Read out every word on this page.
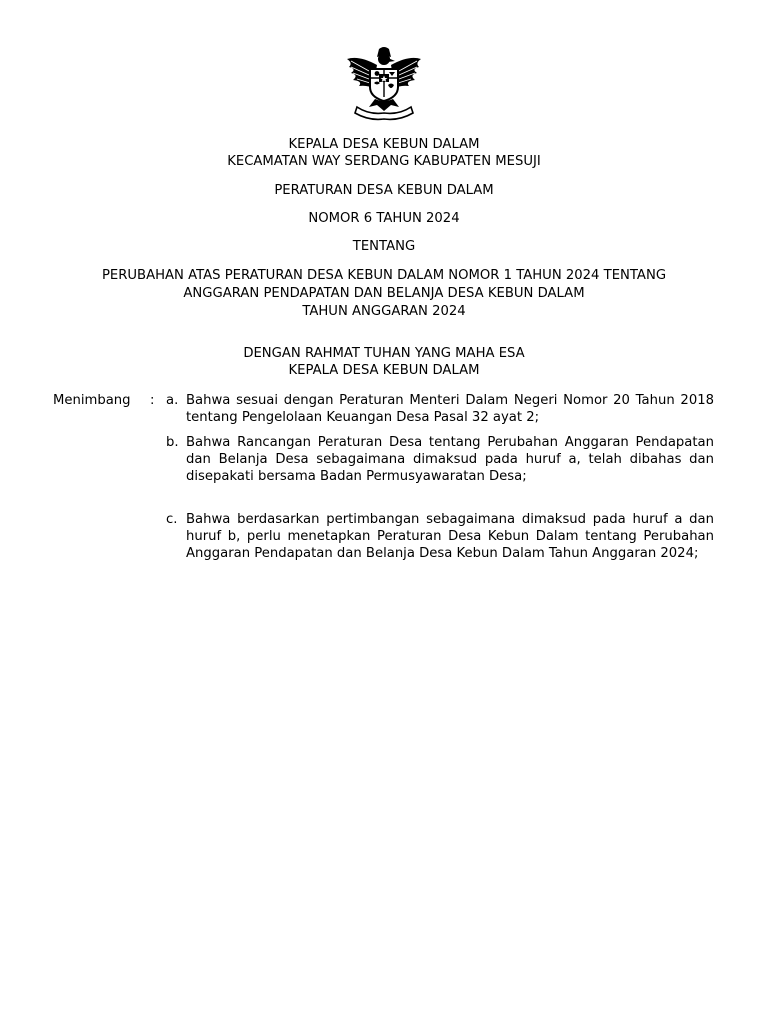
KEPALA DESA KEBUN DALAM
KECAMATAN WAY SERDANG KABUPATEN MESUJI
PERATURAN DESA KEBUN DALAM
NOMOR 6 TAHUN 2024
TENTANG
PERUBAHAN ATAS PERATURAN DESA KEBUN DALAM NOMOR 1 TAHUN 2024 TENTANG
ANGGARAN PENDAPATAN DAN BELANJA DESA KEBUN DALAM
TAHUN ANGGARAN 2024
DENGAN RAHMAT TUHAN YANG MAHA ESA
KEPALA DESA KEBUN DALAM
Menimbang : a. Bahwa sesuai dengan Peraturan Menteri Dalam Negeri Nomor 20 Tahun 2018 tentang Pengelolaan Keuangan Desa Pasal 32 ayat 2;
b. Bahwa Rancangan Peraturan Desa tentang Perubahan Anggaran Pendapatan dan Belanja Desa sebagaimana dimaksud pada huruf a, telah dibahas dan disepakati bersama Badan Permusyawaratan Desa;
c. Bahwa berdasarkan pertimbangan sebagaimana dimaksud pada huruf a dan huruf b, perlu menetapkan Peraturan Desa Kebun Dalam tentang Perubahan Anggaran Pendapatan dan Belanja Desa Kebun Dalam Tahun Anggaran 2024;
